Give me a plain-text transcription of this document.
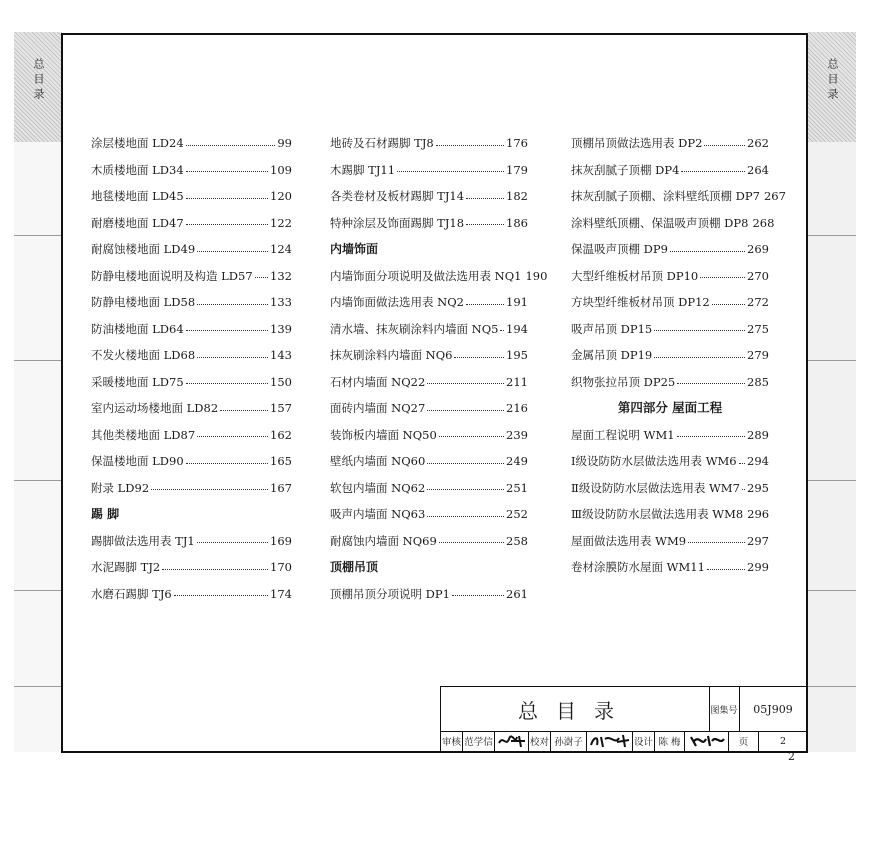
总目录	总目录
涂层楼地面 LD24	99
木质楼地面 LD34	109
地毯楼地面 LD45	120
耐磨楼地面 LD47	122
耐腐蚀楼地面 LD49	124
防静电楼地面说明及构造 LD57 132
防静电楼地面 LD58	133
防油楼地面 LD64	139
不发火楼地面 LD68	143
采暖楼地面 LD75	150
室内运动场楼地面 LD82	157
其他类楼地面 LD87	162
保温楼地面 LD90	165
附录 LD92	167
踢 脚
踢脚做法选用表 TJ1	169
水泥踢脚 TJ2	170
水磨石踢脚 TJ6	174
地砖及石材踢脚 TJ8	176
木踢脚 TJ11	179
各类卷材及板材踢脚 TJ14	182
特种涂层及饰面踢脚 TJ18	186
内墙饰面
内墙饰面分项说明及做法选用表 NQ1 190
内墙饰面做法选用表 NQ2	191
清水墙、抹灰刷涂料内墙面 NQ5 194
抹灰刷涂料内墙面 NQ6	195
石材内墙面 NQ22	211
面砖内墙面 NQ27	216
装饰板内墙面 NQ50	239
壁纸内墙面 NQ60	249
软包内墙面 NQ62	251
吸声内墙面 NQ63	252
耐腐蚀内墙面 NQ69	258
顶棚吊顶
顶棚吊顶分项说明 DP1	261
顶棚吊顶做法选用表 DP2	262
抹灰刮腻子顶棚 DP4	264
抹灰刮腻子顶棚、涂料壁纸顶棚 DP7 267
涂料壁纸顶棚、保温吸声顶棚 DP8 268
保温吸声顶棚 DP9	269
大型纤维板材吊顶 DP10	270
方块型纤维板材吊顶 DP12	272
吸声吊顶 DP15	275
金属吊顶 DP19	279
织物张拉吊顶 DP25	285
第四部分 屋面工程
屋面工程说明 WM1	289
Ⅰ级设防防水层做法选用表 WM6 294
Ⅱ级设防防水层做法选用表 WM7 295
Ⅲ级设防防水层做法选用表 WM8 296
屋面做法选用表 WM9	297
卷材涂膜防水屋面 WM11	299
总目录	图集号	05J909
审核 范学信	校对 孙澍子	设计 陈 梅	页	2
2
